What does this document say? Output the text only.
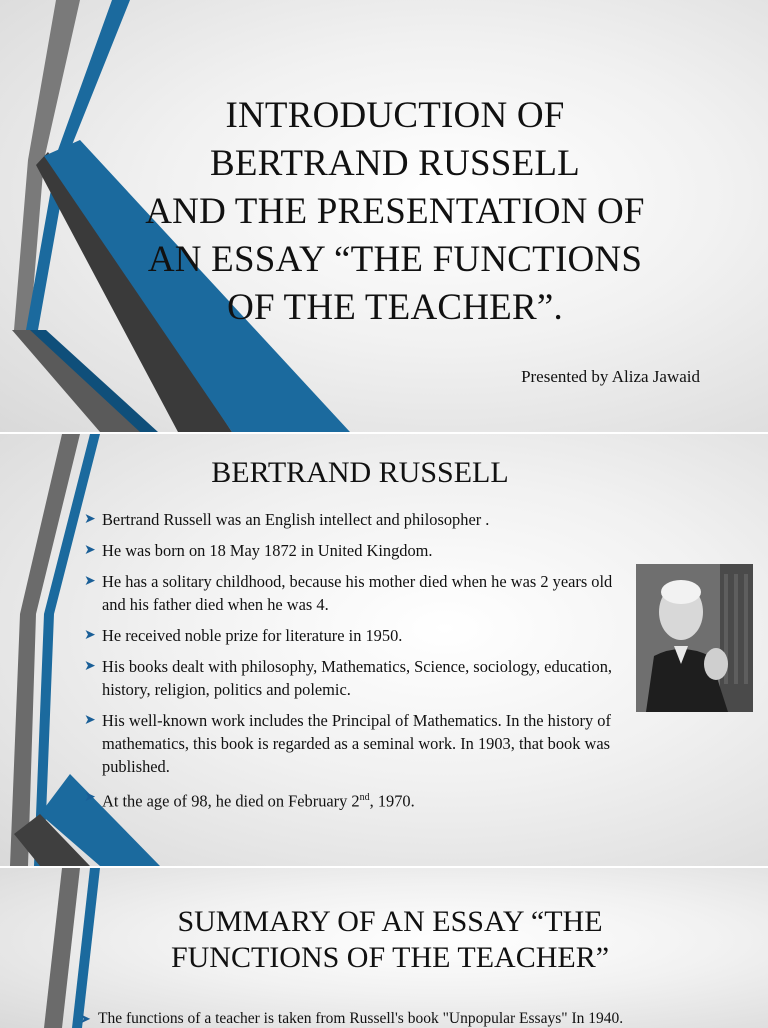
INTRODUCTION OF
BERTRAND RUSSELL
AND THE PRESENTATION OF
AN ESSAY “THE FUNCTIONS
OF THE TEACHER”.
Presented by Aliza Jawaid
BERTRAND RUSSELL
➤ Bertrand Russell was an English intellect and philosopher .
➤ He was born on 18 May 1872 in United Kingdom.
➤ He has a solitary childhood, because his mother died when he was 2 years old and his father died when he was 4.
➤ He received noble prize for literature in 1950.
➤ His books dealt with philosophy, Mathematics, Science, sociology, education, history, religion, politics and polemic.
➤ His well-known work includes the Principal of Mathematics. In the history of mathematics, this book is regarded as a seminal work. In 1903, that book was published.
➤ At the age of 98, he died on February 2nd, 1970.
SUMMARY OF AN ESSAY “THE
FUNCTIONS OF THE TEACHER”
➤ The functions of a teacher is taken from Russell's book "Unpopular Essays" In 1940.
